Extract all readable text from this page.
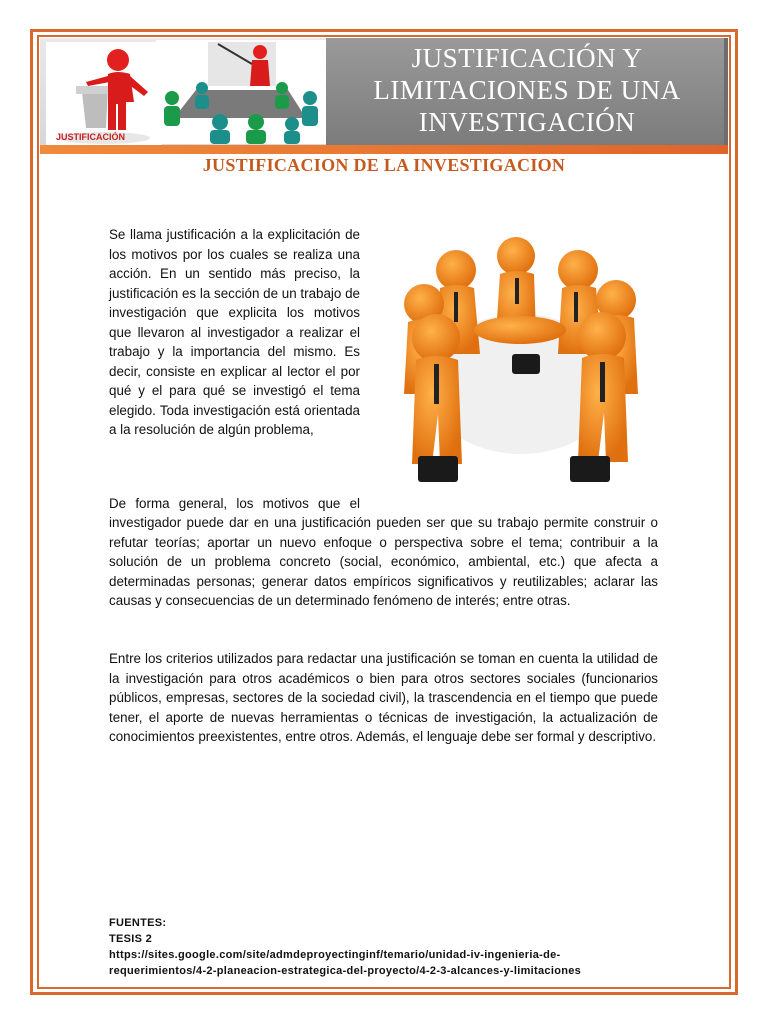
JUSTIFICACIÓN
JUSTIFICACIÓN Y
LIMITACIONES DE UNA
INVESTIGACIÓN
JUSTIFICACION DE LA INVESTIGACION
Se llama justificación a la explicitación de los motivos por los cuales se realiza una acción. En un sentido más preciso, la justificación es la sección de un trabajo de investigación que explicita los motivos que llevaron al investigador a realizar el trabajo y la importancia del mismo. Es decir, consiste en explicar al lector el por qué y el para qué se investigó el tema elegido. Toda investigación está orientada a la resolución de algún problema,
De forma general, los motivos que el
investigador puede dar en una justificación pueden ser que su trabajo permite construir o refutar teorías; aportar un nuevo enfoque o perspectiva sobre el tema; contribuir a la solución de un problema concreto (social, económico, ambiental, etc.) que afecta a determinadas personas; generar datos empíricos significativos y reutilizables; aclarar las causas y consecuencias de un determinado fenómeno de interés; entre otras.
Entre los criterios utilizados para redactar una justificación se toman en cuenta la utilidad de la investigación para otros académicos o bien para otros sectores sociales (funcionarios públicos, empresas, sectores de la sociedad civil), la trascendencia en el tiempo que puede tener, el aporte de nuevas herramientas o técnicas de investigación, la actualización de conocimientos preexistentes, entre otros. Además, el lenguaje debe ser formal y descriptivo.
FUENTES:
TESIS 2
https://sites.google.com/site/admdeproyectinginf/temario/unidad-iv-ingenieria-de-
requerimientos/4-2-planeacion-estrategica-del-proyecto/4-2-3-alcances-y-limitaciones
